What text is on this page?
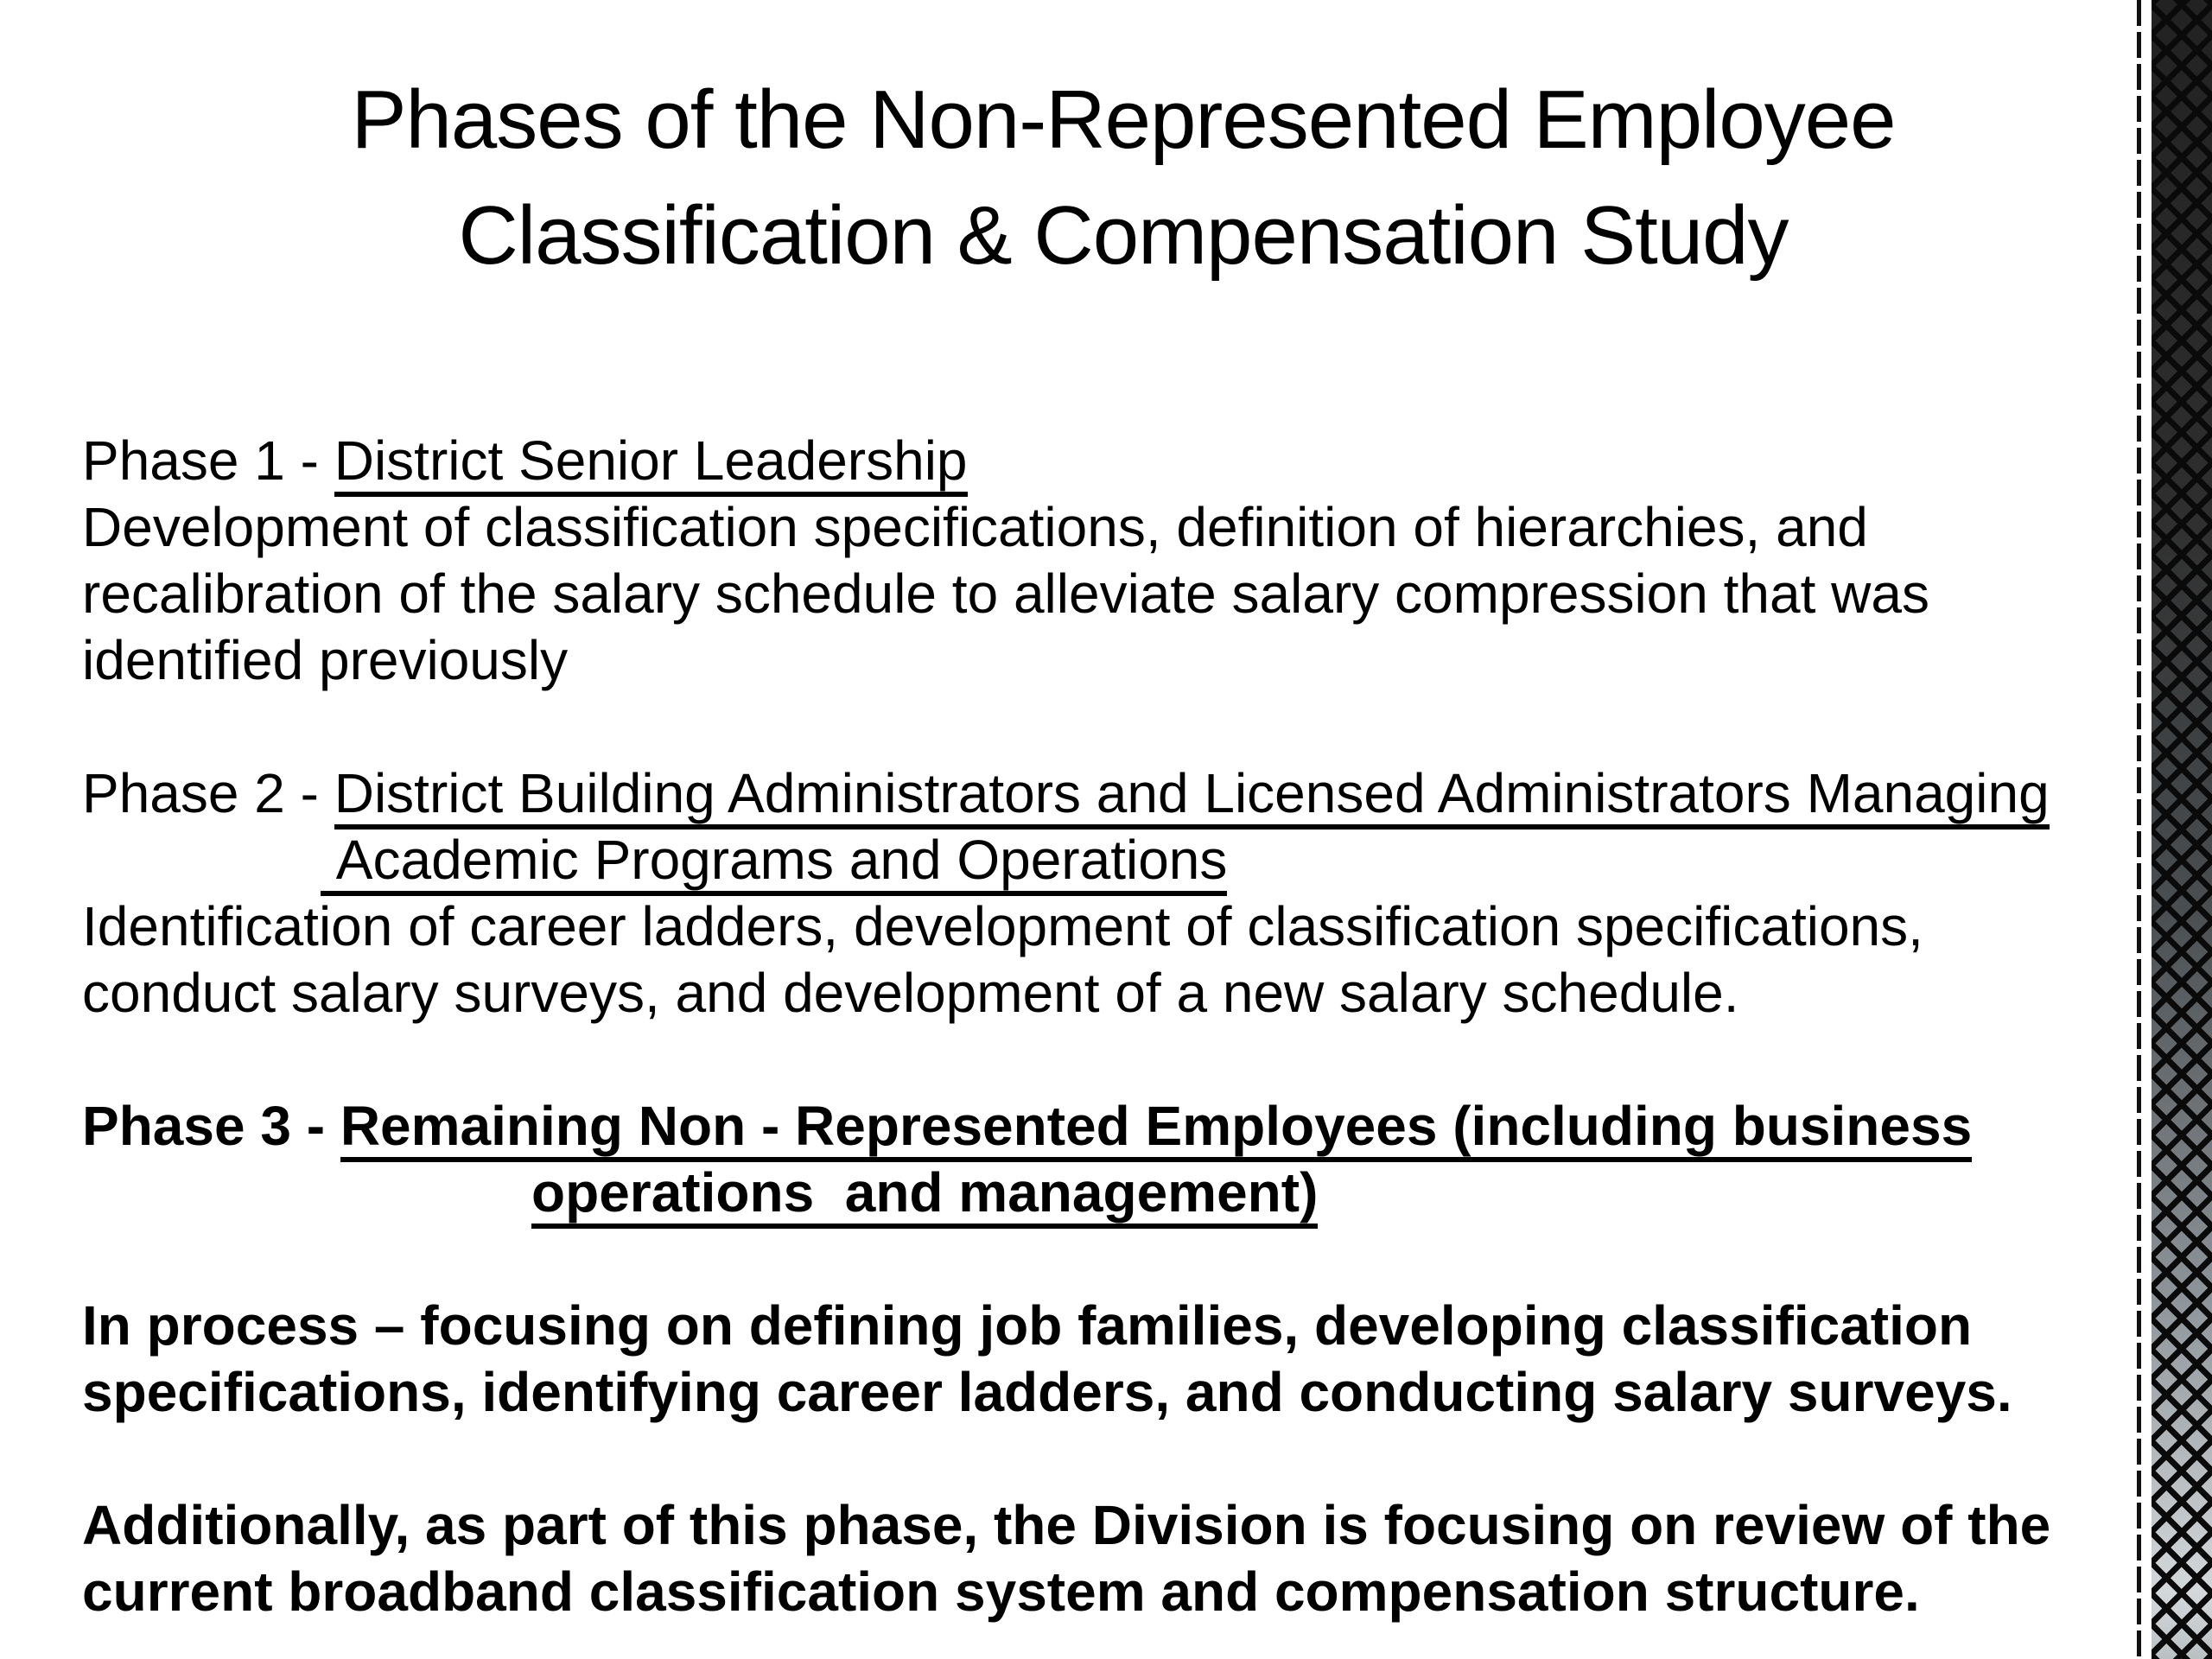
Phases of the Non-Represented Employee
Classification & Compensation Study
Phase 1 - District Senior Leadership
Development of classification specifications, definition of hierarchies, and
recalibration of the salary schedule to alleviate salary compression that was
identified previously
Phase 2 - District Building Administrators and Licensed Administrators Managing
Academic Programs and Operations
Identification of career ladders, development of classification specifications,
conduct salary surveys, and development of a new salary schedule.
Phase 3 - Remaining Non - Represented Employees (including business
operations  and management)
In process – focusing on defining job families, developing classification
specifications, identifying career ladders, and conducting salary surveys.
Additionally, as part of this phase, the Division is focusing on review of the
current broadband classification system and compensation structure.
